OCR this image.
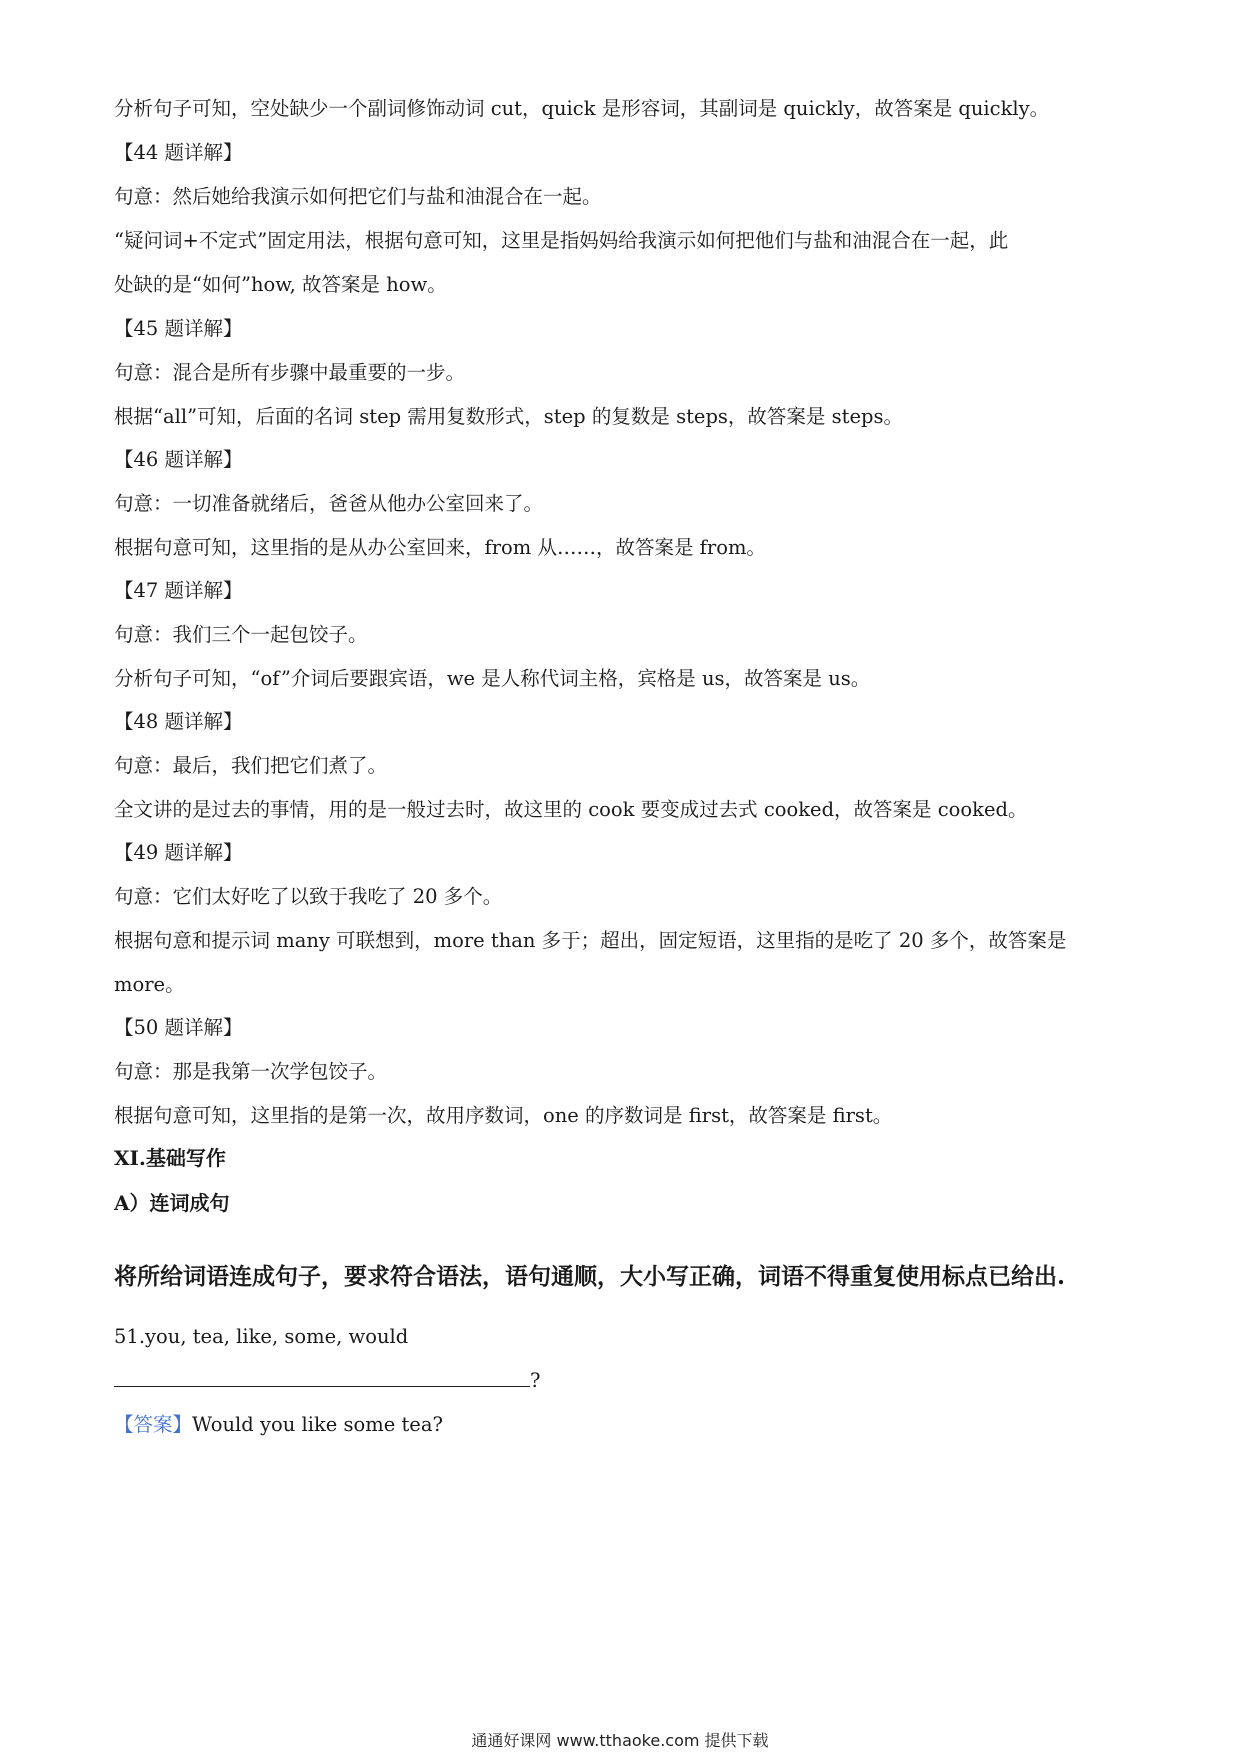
分析句子可知，空处缺少一个副词修饰动词 cut，quick 是形容词，其副词是 quickly，故答案是 quickly。

【44 题详解】

句意：然后她给我演示如何把它们与盐和油混合在一起。

“疑问词+不定式”固定用法，根据句意可知，这里是指妈妈给我演示如何把他们与盐和油混合在一起，此

处缺的是“如何”how, 故答案是 how。

【45 题详解】

句意：混合是所有步骤中最重要的一步。

根据“all”可知，后面的名词 step 需用复数形式，step 的复数是 steps，故答案是 steps。

【46 题详解】

句意：一切准备就绪后，爸爸从他办公室回来了。

根据句意可知，这里指的是从办公室回来，from 从……，故答案是 from。

【47 题详解】

句意：我们三个一起包饺子。

分析句子可知，“of”介词后要跟宾语，we 是人称代词主格，宾格是 us，故答案是 us。

【48 题详解】

句意：最后，我们把它们煮了。

全文讲的是过去的事情，用的是一般过去时，故这里的 cook 要变成过去式 cooked，故答案是 cooked。

【49 题详解】

句意：它们太好吃了以致于我吃了 20 多个。

根据句意和提示词 many 可联想到，more than 多于；超出，固定短语，这里指的是吃了 20 多个，故答案是

more。

【50 题详解】

句意：那是我第一次学包饺子。

根据句意可知，这里指的是第一次，故用序数词，one 的序数词是 first，故答案是 first。

XI.基础写作

A）连词成句

将所给词语连成句子，要求符合语法，语句通顺，大小写正确，词语不得重复使用标点已给出.

51.you, tea, like, some, would

?

【答案】Would you like some tea?

通通好课网 www.tthaoke.com 提供下载
